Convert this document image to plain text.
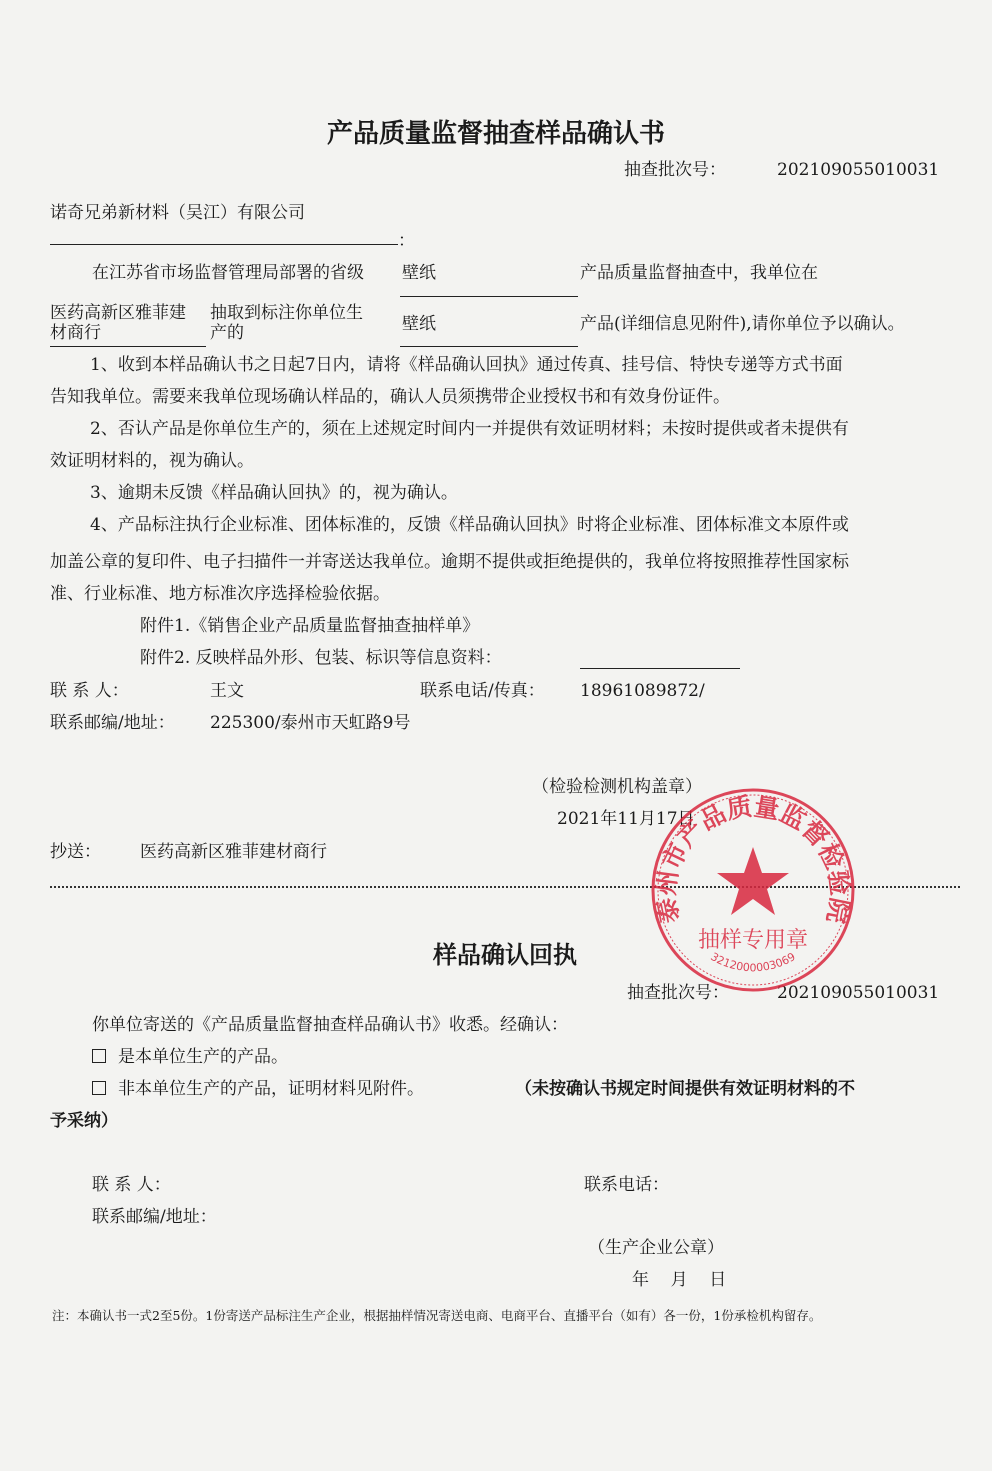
产品质量监督抽查样品确认书
抽查批次号：	202109055010031
诺奇兄弟新材料（吴江）有限公司
：
在江苏省市场监督管理局部署的省级 壁纸	产品质量监督抽查中，我单位在
医药高新区雅菲建
材商行
抽取到标注你单位生
产的	壁纸	产品(详细信息见附件),请你单位予以确认。
1、收到本样品确认书之日起7日内，请将《样品确认回执》通过传真、挂号信、特快专递等方式书面
告知我单位。需要来我单位现场确认样品的，确认人员须携带企业授权书和有效身份证件。
2、否认产品是你单位生产的，须在上述规定时间内一并提供有效证明材料；未按时提供或者未提供有
效证明材料的，视为确认。
3、逾期未反馈《样品确认回执》的，视为确认。
4、产品标注执行企业标准、团体标准的，反馈《样品确认回执》时将企业标准、团体标准文本原件或
加盖公章的复印件、电子扫描件一并寄送达我单位。逾期不提供或拒绝提供的，我单位将按照推荐性国家标
准、行业标准、地方标准次序选择检验依据。
附件1.《销售企业产品质量监督抽查抽样单》
附件2. 反映样品外形、包装、标识等信息资料：
联 系 人：	王文	联系电话/传真： 18961089872/
联系邮编/地址： 225300/泰州市天虹路9号
（检验检测机构盖章）
2021年11月17日
抄送： 医药高新区雅菲建材商行
样品确认回执
抽查批次号：	202109055010031
你单位寄送的《产品质量监督抽查样品确认书》收悉。经确认：
是本单位生产的产品。
非本单位生产的产品，证明材料见附件。	（未按确认书规定时间提供有效证明材料的不
予采纳）
联 系 人：	联系电话：
联系邮编/地址：
（生产企业公章）
年    月    日
注：本确认书一式2至5份。1份寄送产品标注生产企业，根据抽样情况寄送电商、电商平台、直播平台（如有）各一份，1份承检机构留存。
泰州市产品质量监督检验院
抽样专用章
3212000003069
